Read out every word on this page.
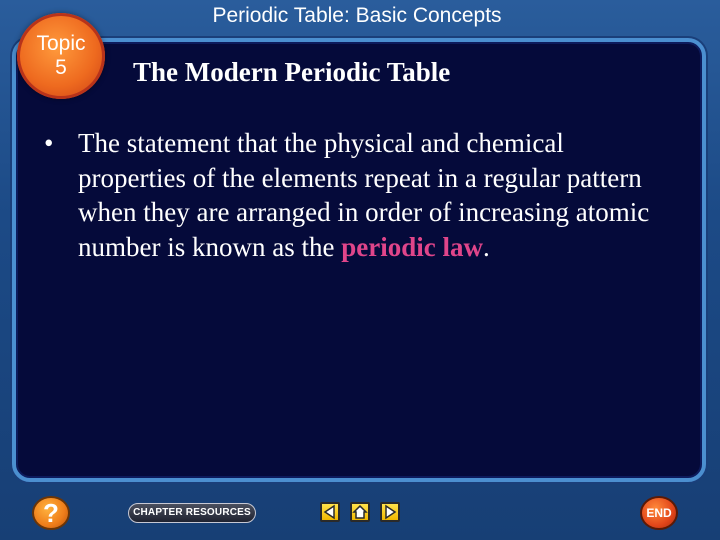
Periodic Table: Basic Concepts
Topic
5 The Modern Periodic Table
• The statement that the physical and chemical properties of the elements repeat in a regular pattern when they are arranged in order of increasing atomic number is known as the periodic law.
?	CHAPTER RESOURCES	END
